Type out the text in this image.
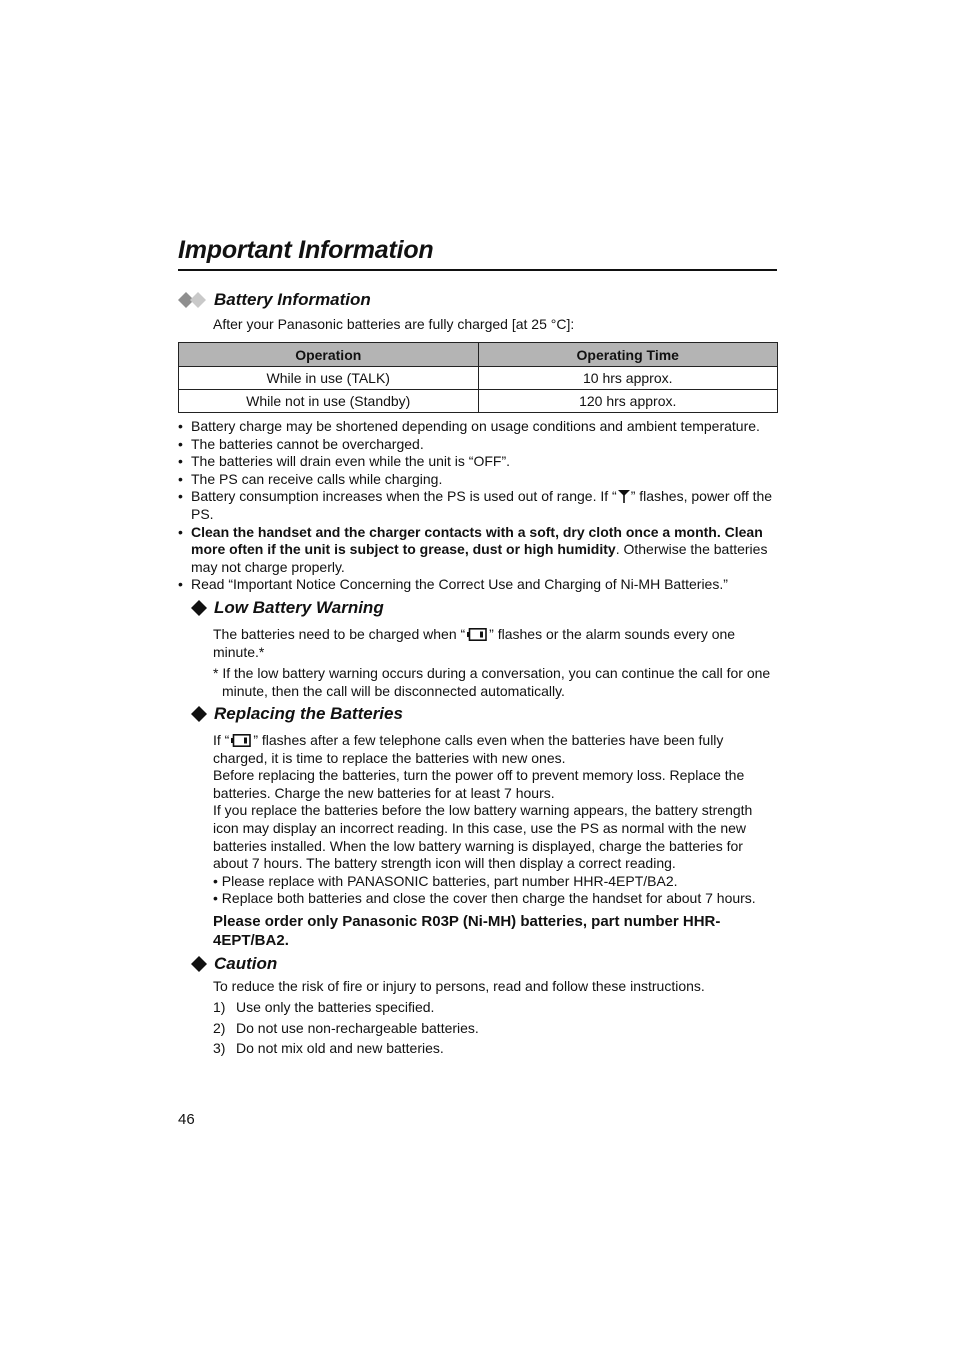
Important Information
Battery Information
After your Panasonic batteries are fully charged [at 25 °C]:
Operation	Operating Time
While in use (TALK)	10 hrs approx.
While not in use (Standby)	120 hrs approx.
• Battery charge may be shortened depending on usage conditions and ambient temperature.
• The batteries cannot be overcharged.
• The batteries will drain even while the unit is “OFF”.
• The PS can receive calls while charging.
• Battery consumption increases when the PS is used out of range. If “ ” flashes, power off the PS.
• Clean the handset and the charger contacts with a soft, dry cloth once a month. Clean more often if the unit is subject to grease, dust or high humidity. Otherwise the batteries may not charge properly.
• Read “Important Notice Concerning the Correct Use and Charging of Ni-MH Batteries.”
Low Battery Warning
The batteries need to be charged when “ ” flashes or the alarm sounds every one minute.*
* If the low battery warning occurs during a conversation, you can continue the call for one minute, then the call will be disconnected automatically.
Replacing the Batteries
If “ ” flashes after a few telephone calls even when the batteries have been fully charged, it is time to replace the batteries with new ones.
Before replacing the batteries, turn the power off to prevent memory loss. Replace the batteries. Charge the new batteries for at least 7 hours.
If you replace the batteries before the low battery warning appears, the battery strength icon may display an incorrect reading. In this case, use the PS as normal with the new batteries installed. When the low battery warning is displayed, charge the batteries for about 7 hours. The battery strength icon will then display a correct reading.
• Please replace with PANASONIC batteries, part number HHR-4EPT/BA2.
• Replace both batteries and close the cover then charge the handset for about 7 hours.
Please order only Panasonic R03P (Ni-MH) batteries, part number HHR-4EPT/BA2.
Caution
To reduce the risk of fire or injury to persons, read and follow these instructions.
1) Use only the batteries specified.
2) Do not use non-rechargeable batteries.
3) Do not mix old and new batteries.
46
